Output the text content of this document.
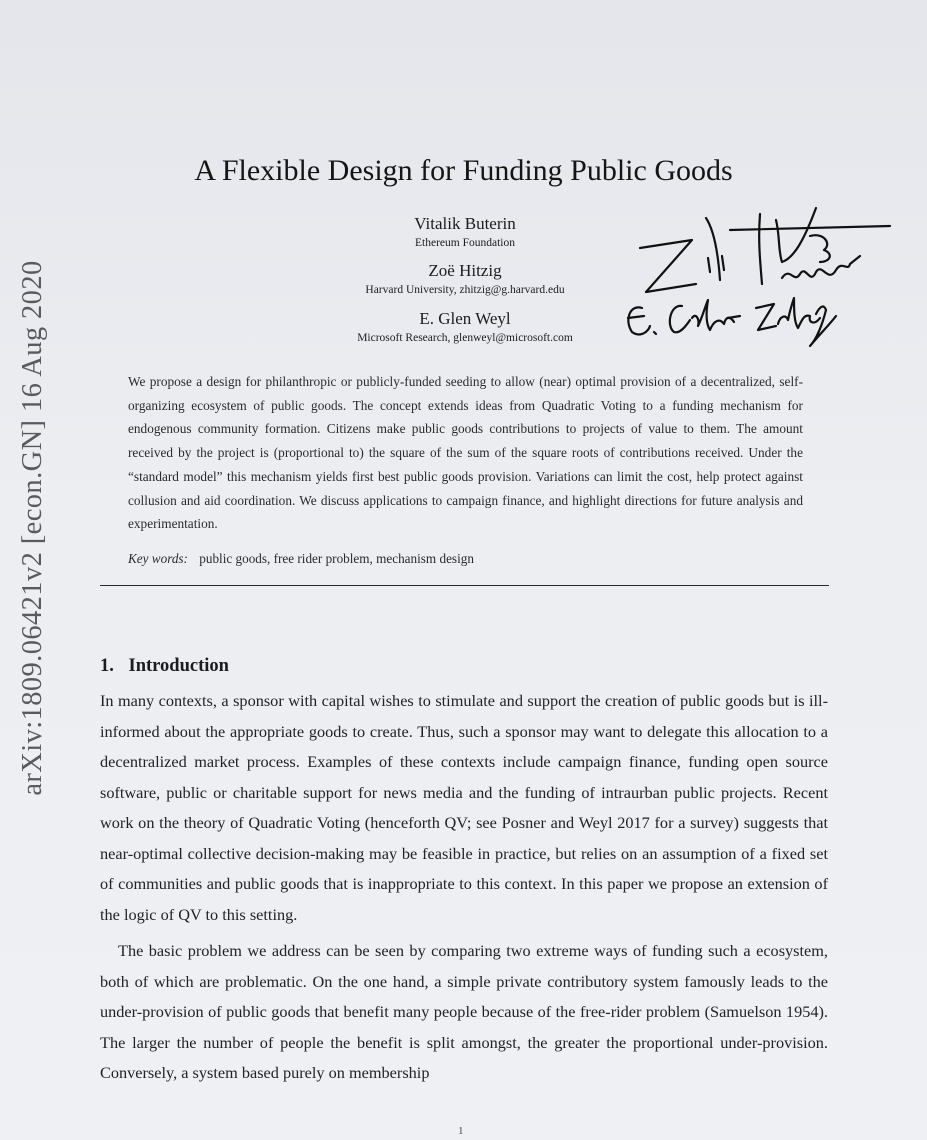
arXiv:1809.06421v2 [econ.GN] 16 Aug 2020
A Flexible Design for Funding Public Goods
Vitalik Buterin
Ethereum Foundation
Zoë Hitzig
Harvard University, zhitzig@g.harvard.edu
E. Glen Weyl
Microsoft Research, glenweyl@microsoft.com

We propose a design for philanthropic or publicly-funded seeding to allow (near) optimal provision of a decentralized, self-organizing ecosystem of public goods. The concept extends ideas from Quadratic Voting to a funding mechanism for endogenous community formation. Citizens make public goods contributions to projects of value to them. The amount received by the project is (proportional to) the square of the sum of the square roots of contributions received. Under the “standard model” this mechanism yields first best public goods provision. Variations can limit the cost, help protect against collusion and aid coordination. We discuss applications to campaign finance, and highlight directions for future analysis and experimentation.

Key words: public goods, free rider problem, mechanism design
1. Introduction

In many contexts, a sponsor with capital wishes to stimulate and support the creation of public goods but is ill-informed about the appropriate goods to create. Thus, such a sponsor may want to delegate this allocation to a decentralized market process. Examples of these contexts include campaign finance, funding open source software, public or charitable support for news media and the funding of intraurban public projects. Recent work on the theory of Quadratic Voting (henceforth QV; see Posner and Weyl 2017 for a survey) suggests that near-optimal collective decision-making may be feasible in practice, but relies on an assumption of a fixed set of communities and public goods that is inappropriate to this context. In this paper we propose an extension of the logic of QV to this setting.

The basic problem we address can be seen by comparing two extreme ways of funding such a ecosystem, both of which are problematic. On the one hand, a simple private contributory system famously leads to the under-provision of public goods that benefit many people because of the free-rider problem (Samuelson 1954). The larger the number of people the benefit is split amongst, the greater the proportional under-provision. Conversely, a system based purely on membership

1
